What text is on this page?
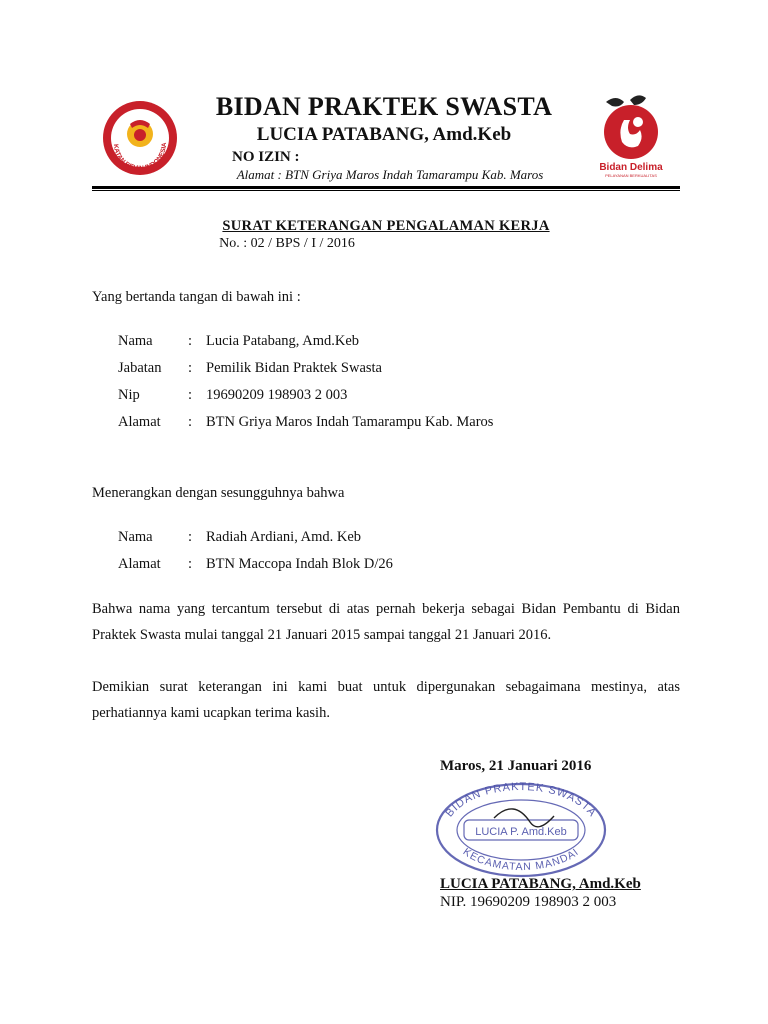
KATAN BIDAN INDONESIA
Bidan Delima
PELAYANAN BERKUALITAS
BIDAN PRAKTEK SWASTA
LUCIA PATABANG, Amd.Keb
NO IZIN :
Alamat : BTN Griya Maros Indah Tamarampu Kab. Maros
SURAT KETERANGAN PENGALAMAN KERJA
No. : 02 / BPS / I / 2016
Yang bertanda tangan di bawah ini :
Nama : Lucia Patabang, Amd.Keb
Jabatan : Pemilik Bidan Praktek Swasta
Nip	: 19690209 198903 2 003
Alamat : BTN Griya Maros Indah Tamarampu Kab. Maros
Menerangkan dengan sesungguhnya bahwa
Nama : Radiah Ardiani, Amd. Keb
Alamat : BTN Maccopa Indah Blok D/26
Bahwa nama yang tercantum tersebut di atas pernah bekerja sebagai Bidan Pembantu di Bidan Praktek Swasta mulai tanggal 21 Januari 2015 sampai tanggal 21 Januari 2016.
Demikian surat keterangan ini kami buat untuk dipergunakan sebagaimana mestinya, atas perhatiannya kami ucapkan terima kasih.
Maros, 21 Januari 2016
BIDAN PRAKTEK SWASTA
LUCIA P. Amd.Keb
KECAMATAN MANDAI
LUCIA PATABANG, Amd.Keb
NIP. 19690209 198903 2 003
